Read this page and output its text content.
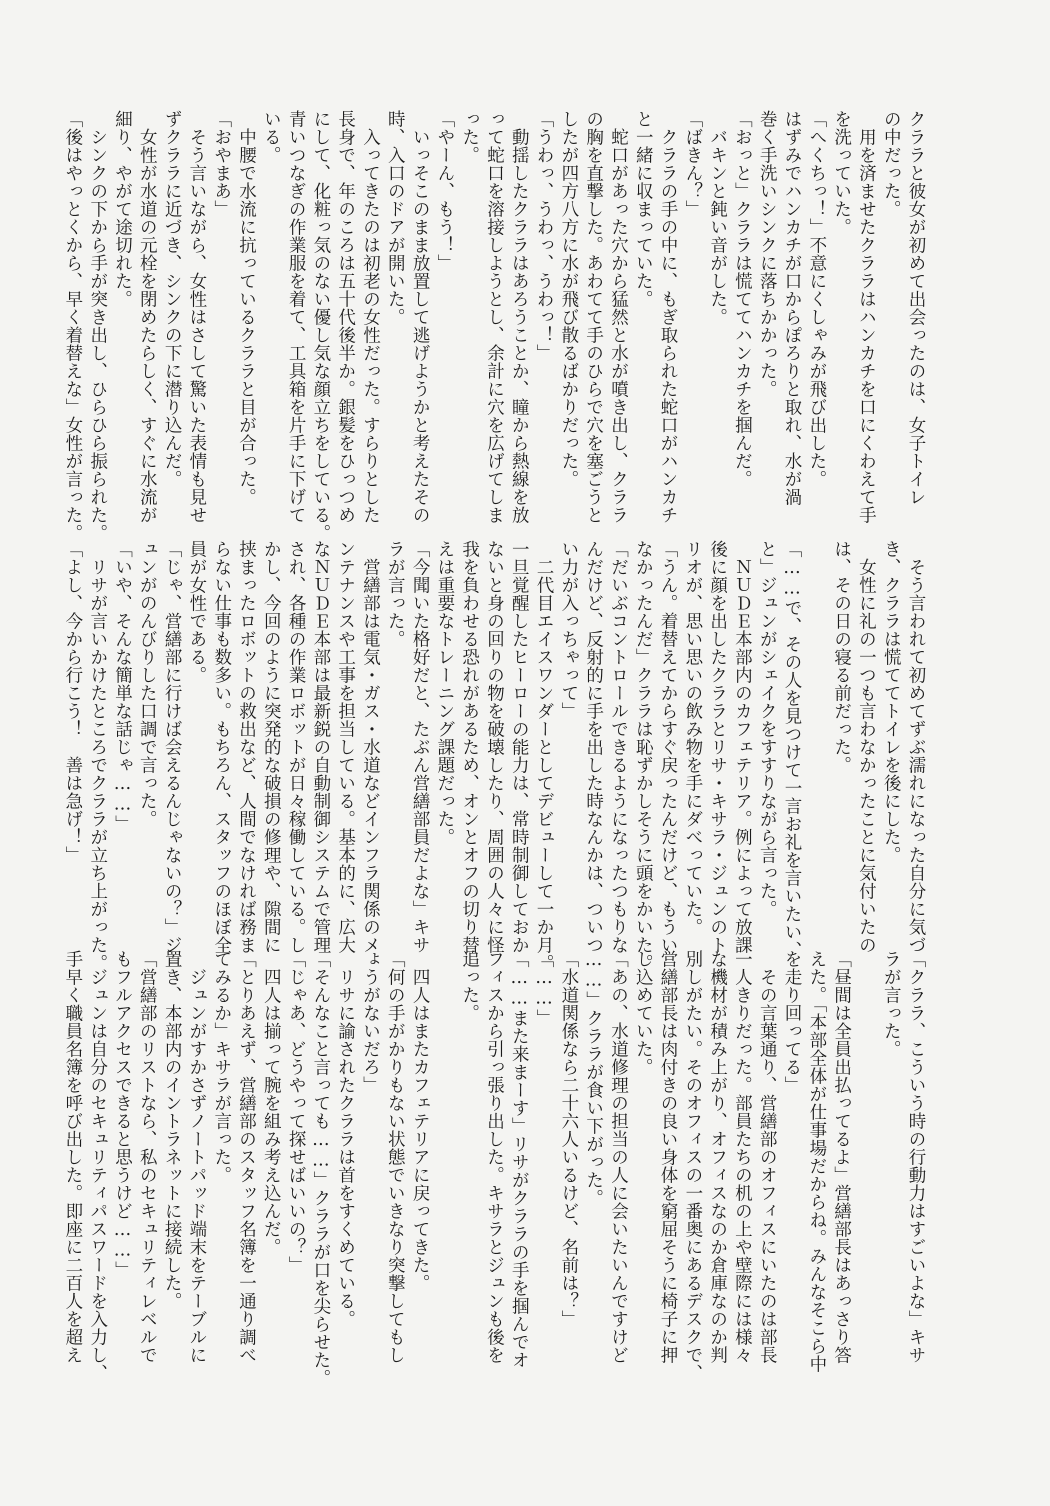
クララと彼女が初めて出会ったのは、女子トイレ
の中だった。
　用を済ませたクララはハンカチを口にくわえて手
を洗っていた。
「へくちっ！」不意にくしゃみが飛び出した。
はずみでハンカチが口からぽろりと取れ、水が渦
巻く手洗いシンクに落ちかかった。
「おっと」クララは慌ててハンカチを掴んだ。
　バキンと鈍い音がした。
「ばきん？」
　クララの手の中に、もぎ取られた蛇口がハンカチ
と一緒に収まっていた。
　蛇口があった穴から猛然と水が噴き出し、クララ
の胸を直撃した。あわてて手のひらで穴を塞ごうと
したが四方八方に水が飛び散るばかりだった。
「うわっ、うわっ、うわっ！」
　動揺したクララはあろうことか、瞳から熱線を放
って蛇口を溶接しようとし、余計に穴を広げてしま
った。
「やーん、もう！」
　いっそこのまま放置して逃げようかと考えたその
時、入口のドアが開いた。
　入ってきたのは初老の女性だった。すらりとした
長身で、年のころは五十代後半か。銀髪をひっつめ
にして、化粧っ気のない優し気な顔立ちをしている。
青いつなぎの作業服を着て、工具箱を片手に下げて
いる。
　中腰で水流に抗っているクララと目が合った。
「おやまあ」
　そう言いながら、女性はさして驚いた表情も見せ
ずクララに近づき、シンクの下に潜り込んだ。
　女性が水道の元栓を閉めたらしく、すぐに水流が
細り、やがて途切れた。
　シンクの下から手が突き出し、ひらひら振られた。
「後はやっとくから、早く着替えな」女性が言った。
　そう言われて初めてずぶ濡れになった自分に気づ
き、クララは慌ててトイレを後にした。
　女性に礼の一つも言わなかったことに気付いたの
は、その日の寝る前だった。

「……で、その人を見つけて一言お礼を言いたい、
と」ジュンがシェイクをすすりながら言った。
　ＮＵＤＥ本部内のカフェテリア。例によって放課
後に顔を出したクララとリサ・キサラ・ジュンのト
リオが、思い思いの飲み物を手にダべっていた。
「うん。着替えてからすぐ戻ったんだけど、もうい
なかったんだ」クララは恥ずかしそうに頭をかいた。
「だいぶコントロールできるようになったつもりな
んだけど、反射的に手を出した時なんかは、ついつ
い力が入っちゃって」
　二代目エイスワンダーとしてデビューして一か月。
一旦覚醒したヒーローの能力は、常時制御しておか
ないと身の回りの物を破壊したり、周囲の人々に怪
我を負わせる恐れがあるため、オンとオフの切り替
えは重要なトレーニング課題だった。
「今聞いた格好だと、たぶん営繕部員だよな」キサ
ラが言った。
　営繕部は電気・ガス・水道などインフラ関係のメ
ンテナンスや工事を担当している。基本的に、広大
なＮＵＤＥ本部は最新鋭の自動制御システムで管理
され、各種の作業ロボットが日々稼働している。し
かし、今回のように突発的な破損の修理や、隙間に
挟まったロボットの救出など、人間でなければ務ま
らない仕事も数多い。もちろん、スタッフのほぼ全
員が女性である。
「じゃ、営繕部に行けば会えるんじゃないの？」ジ
ュンがのんびりした口調で言った。
「いや、そんな簡単な話じゃ……」
　リサが言いかけたところでクララが立ち上がった。
「よし、今から行こう！　善は急げ！」
「クララ、こういう時の行動力はすごいよな」キサ
ラが言った。

「昼間は全員出払ってるよ」営繕部長はあっさり答
えた。「本部全体が仕事場だからね。みんなそこら中
を走り回ってる」
　その言葉通り、営繕部のオフィスにいたのは部長
一人きりだった。部員たちの机の上や壁際には様々
な機材が積み上がり、オフィスなのか倉庫なのか判
別しがたい。そのオフィスの一番奥にあるデスクで、
営繕部長は肉付きの良い身体を窮屈そうに椅子に押
し込めていた。
「あの、水道修理の担当の人に会いたいんですけど
……」クララが食い下がった。
「水道関係なら二十六人いるけど、名前は？」
「……」
「……また来まーす」リサがクララの手を掴んでオ
フィスから引っ張り出した。キサラとジュンも後を
追った。

　四人はまたカフェテリアに戻ってきた。
「何の手がかりもない状態でいきなり突撃してもし
ょうがないだろ」
　リサに諭されたクララは首をすくめている。
「そんなこと言っても……」クララが口を尖らせた。
「じゃあ、どうやって探せばいいの？」
　四人は揃って腕を組み考え込んだ。
「とりあえず、営繕部のスタッフ名簿を一通り調べ
てみるか」キサラが言った。
　ジュンがすかさずノートパッド端末をテーブルに
置き、本部内のイントラネットに接続した。
「営繕部のリストなら、私のセキュリティレベルで
もフルアクセスできると思うけど……」
　ジュンは自分のセキュリティパスワードを入力し、
手早く職員名簿を呼び出した。即座に二百人を超え
